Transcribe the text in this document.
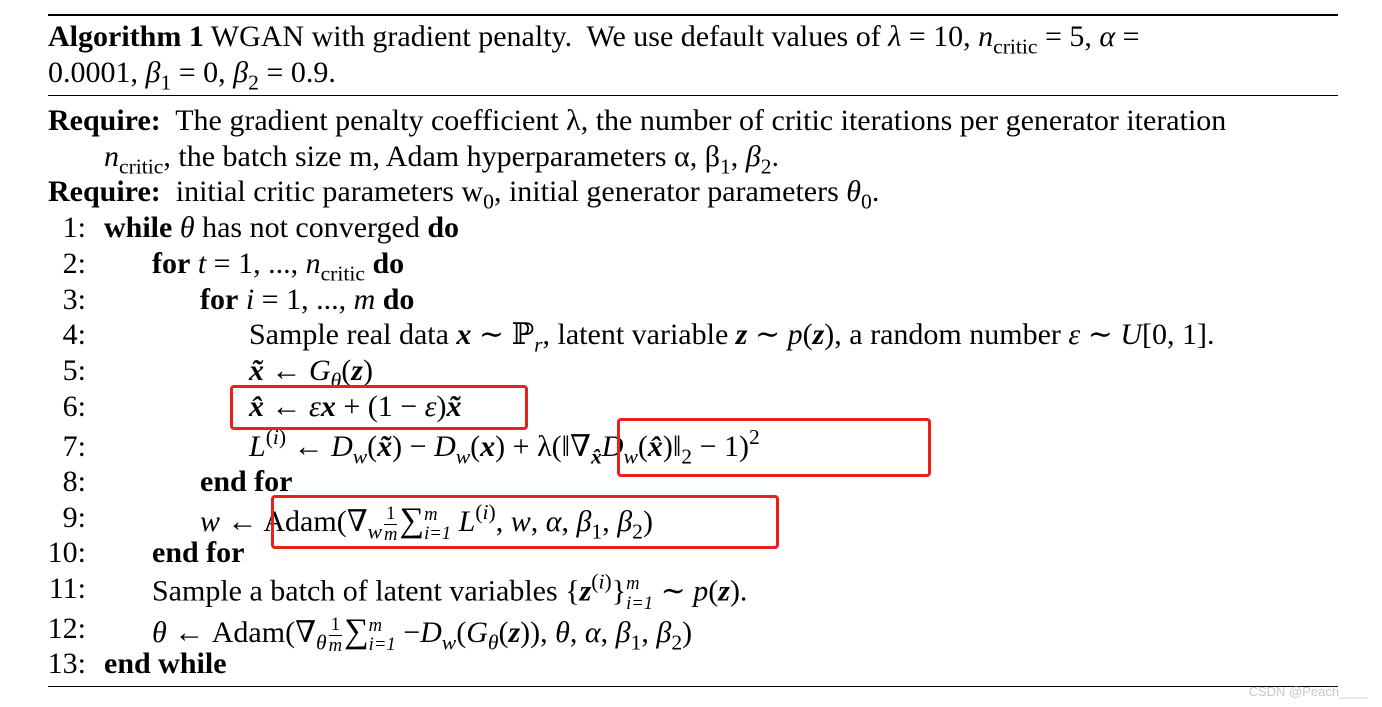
Algorithm 1 WGAN with gradient penalty. We use default values of λ = 10, $n_{critic} = 5$, α =
0.0001, $\beta_1 = 0$, $\beta_2 = 0.9$.
Require: The gradient penalty coefficient λ, the number of critic iterations per generator iteration
$n_{critic}$, the batch size m, Adam hyperparameters α, $\beta_1$, $\beta_2$.
Require: initial critic parameters $w_0$, initial generator parameters $\theta_0$.
1:
2:
3:
4:
5:
6:
7:
8:
9:
10:
11:
12:
13:
while θ has not converged do
for t = 1, ..., $n_{critic}$ do
for i = 1, ..., m do
Sample real data x ∼ ℙ$_r$, latent variable z ∼ p(z), a random number ε ∼ U[0, 1].
x̃ ← $G_\theta(z)$
x̂ ← εx + (1 − ε)x̃
$L^{(i)}$ ← $D_w(x̃) - D_w(x)$ + $\lambda(‖\nabla_{x̂}D_w(x̂)‖_2 - 1)^2$
end for
w ← $Adam(\nabla_w \frac{1}{m}$ ∑ m
i=1 $L^{(i)}$, w, α, $\beta_1$, $\beta_2$)
end for
Sample a batch of latent variables $\{z^{(i)}\}$ m
i=1 ∼ p(z).
θ ← $Adam(\nabla_\theta \frac{1}{m}$ ∑ m
$i=1 -D_w(G_\theta(z))$, θ, α, $\beta_1$, $\beta_2$)
end while
CSDN @Peach____
